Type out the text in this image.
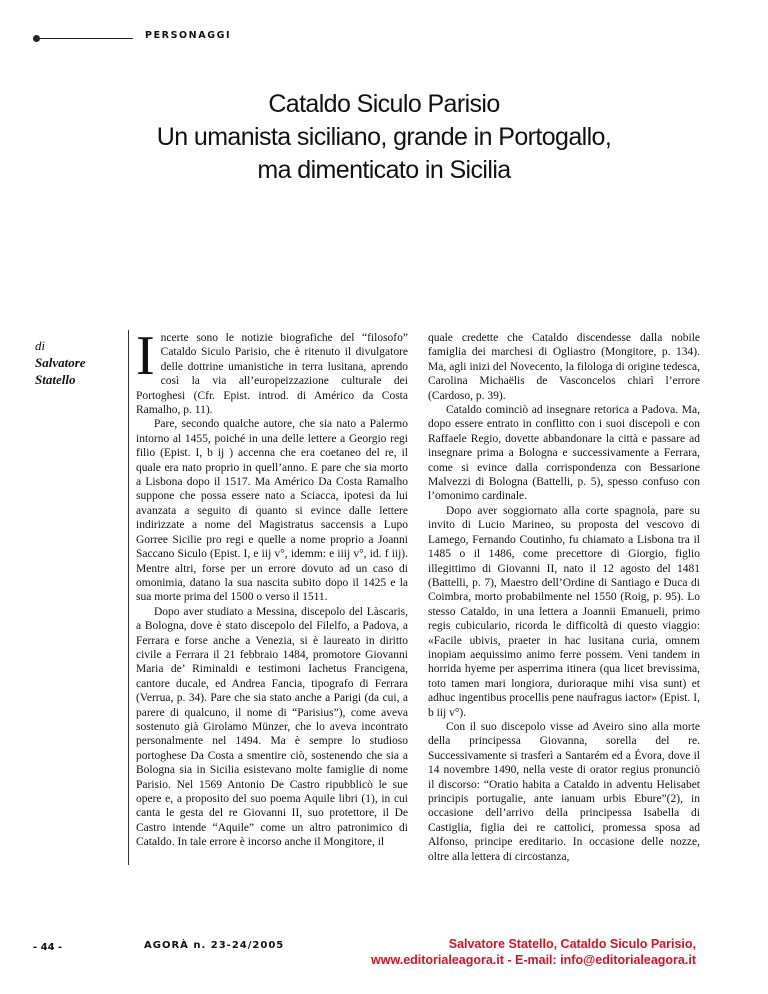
PERSONAGGI
Cataldo Siculo Parisio
Un umanista siciliano, grande in Portogallo,
ma dimenticato in Sicilia
di
Salvatore
Statello	I ncerte sono le notizie biografiche del “filosofo” Cataldo Siculo Parisio, che è ritenuto il divulgatore delle dottrine umanistiche in terra lusitana, aprendo così la via all’europeizzazione culturale dei Portoghesi (Cfr. Epist. introd. di Américo da Costa Ramalho, p. 11).

Pare, secondo qualche autore, che sia nato a Palermo intorno al 1455, poiché in una delle lettere a Georgio regi filio (Epist. I, b ij ) accenna che era coetaneo del re, il quale era nato proprio in quell’anno. E pare che sia morto a Lisbona dopo il 1517. Ma Américo Da Costa Ramalho suppone che possa essere nato a Sciacca, ipotesi da lui avanzata a seguito di quanto si evince dalle lettere indirizzate a nome del Magistratus saccensis a Lupo Gorree Sicilie pro regi e quelle a nome proprio a Joanni Saccano Siculo (Epist. I, e iij v°, idemm: e iiij v°, id. f iij). Mentre altri, forse per un errore dovuto ad un caso di omonimia, datano la sua nascita subito dopo il 1425 e la sua morte prima del 1500 o verso il 1511.

Dopo aver studiato a Messina, discepolo del Làscaris, a Bologna, dove è stato discepolo del Filelfo, a Padova, a Ferrara e forse anche a Venezia, si è laureato in diritto civile a Ferrara il 21 febbraio 1484, promotore Giovanni Maria de’ Riminaldi e testimoni Iachetus Francigena, cantore ducale, ed Andrea Fancia, tipografo di Ferrara (Verrua, p. 34). Pare che sia stato anche a Parigi (da cui, a parere di qualcuno, il nome di “Parisius”), come aveva sostenuto già Girolamo Münzer, che lo aveva incontrato personalmente nel 1494. Ma è sempre lo studioso portoghese Da Costa a smentire ciò, sostenendo che sia a Bologna sia in Sicilia esistevano molte famiglie di nome Parisio. Nel 1569 Antonio De Castro ripubblicò le sue opere e, a proposito del suo poema Aquile libri (1), in cui canta le gesta del re Giovanni II, suo protettore, il De Castro intende “Aquile” come un altro patronimico di Cataldo. In tale errore è incorso anche il Mongitore, il

quale credette che Cataldo discendesse dalla nobile famiglia dei marchesi di Ogliastro (Mongitore, p. 134). Ma, agli inizi del Novecento, la filologa di origine tedesca, Carolina Michaëlis de Vasconcelos chiarì l’errore (Cardoso, p. 39).

Cataldo cominciò ad insegnare retorica a Padova. Ma, dopo essere entrato in conflitto con i suoi discepoli e con Raffaele Regio, dovette abbandonare la città e passare ad insegnare prima a Bologna e successivamente a Ferrara, come si evince dalla corrispondenza con Bessarione Malvezzi di Bologna (Battelli, p. 5), spesso confuso con l’omonimo cardinale.

Dopo aver soggiornato alla corte spagnola, pare su invito di Lucio Marineo, su proposta del vescovo di Lamego, Fernando Coutinho, fu chiamato a Lisbona tra il 1485 o il 1486, come precettore di Giorgio, figlio illegittimo di Giovanni II, nato il 12 agosto del 1481 (Battelli, p. 7), Maestro dell’Ordine di Santiago e Duca di Coimbra, morto probabilmente nel 1550 (Roig, p. 95). Lo stesso Cataldo, in una lettera a Joannii Emanueli, primo regis cubiculario, ricorda le difficoltà di questo viaggio: «Facile ubivis, praeter in hac lusitana curia, omnem inopiam aequissimo animo ferre possem. Veni tandem in horrida hyeme per asperrima itinera (qua licet brevissima, toto tamen mari longiora, durioraque mihi visa sunt) et adhuc ingentibus procellis pene naufragus iactor» (Epist. I, b iij v°).

Con il suo discepolo visse ad Aveiro sino alla morte della principessa Giovanna, sorella del re. Successivamente si trasferì a Santarém ed a Évora, dove il 14 novembre 1490, nella veste di orator regius pronunciò il discorso: “Oratio habita a Cataldo in adventu Helisabet principis portugalie, ante ianuam urbis Ebure”(2), in occasione dell’arrivo della principessa Isabella di Castiglia, figlia dei re cattolici, promessa sposa ad Alfonso, principe ereditario. In occasione delle nozze, oltre alla lettera di circostanza,

- 44 -	AGORÀ n. 23-24/2005	Salvatore Statello, Cataldo Siculo Parisio,
www.editorialeagora.it - E-mail: info@editorialeagora.it
